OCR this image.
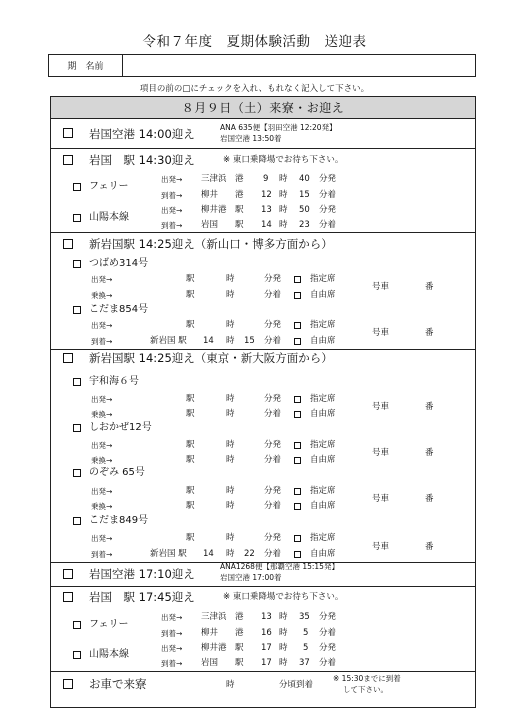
令和７年度　夏期体験活動　送迎表
期　名前
項目の前の□にチェックを入れ、もれなく記入して下さい。
８月９日（土）来寮・お迎え
岩国空港 14:00迎え	ANA 635便【羽田空港 12:20発】
岩国空港 13:50着
岩国　駅 14:30迎え	※ 東口乗降場でお待ち下さい。
フェリー
出発→ 三津浜　港 9 時 40 分発
到着→ 柳井　　港 12 時 15 分着
山陽本線
出発→ 柳井港　駅 13 時 50 分発
到着→ 岩国　　駅 14 時 23 分着
新岩国駅 14:25迎え（新山口・博多方面から）
つばめ314号
出発→	駅	時	分発	指定席
乗換→	駅	時	分着	自由席
号車	番
こだま854号
出発→	駅	時	分発	指定席
到着→	新岩国 駅 14 時 15 分着	自由席
号車	番
新岩国駅 14:25迎え（東京・新大阪方面から）
宇和海６号
出発→	駅	時	分発	指定席
乗換→	駅	時	分着	自由席
号車	番
しおかぜ12号
出発→	駅	時	分発	指定席
乗換→	駅	時	分着	自由席
号車	番
のぞみ 65号
出発→	駅	時	分発	指定席
乗換→	駅	時	分着	自由席
号車	番
こだま849号
出発→	駅	時	分発	指定席
到着→	新岩国 駅 14 時 22 分着	自由席
号車	番
岩国空港 17:10迎え
ANA1268便【那覇空港 15:15発】
岩国空港 17:00着
岩国　駅 17:45迎え	※ 東口乗降場でお待ち下さい。
フェリー
出発→ 三津浜　港 13 時 35 分発
到着→ 柳井　　港 16 時 5 分着
山陽本線
出発→ 柳井港　駅 17 時 5 分発
到着→ 岩国　　駅 17 時 37 分着
お車で来寮	時	分頃到着
※ 15:30までに到着
して下さい。
